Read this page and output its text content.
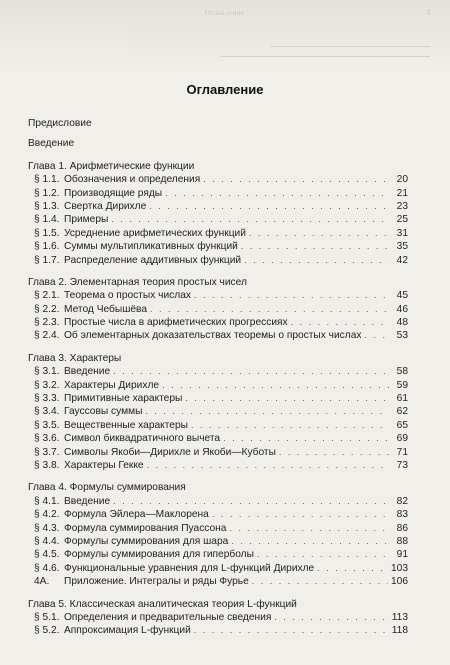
Оглавление	5
Оглавление
Предисловие
Введение
Глава 1. Арифметические функции
§ 1.1. Обозначения и определения . . .	20
§ 1.2. Производящие ряды . . .	21
§ 1.3. Свертка Дирихле . . .	23
§ 1.4. Примеры . . .	25
§ 1.5. Усреднение арифметических функций . . .	31
§ 1.6. Суммы мультипликативных функций . . .	35
§ 1.7. Распределение аддитивных функций . . .	42
Глава 2. Элементарная теория простых чисел
§ 2.1. Теорема о простых числах . . .	45
§ 2.2. Метод Чебышёва . . .	46
§ 2.3. Простые числа в арифметических прогрессиях . . .	48
§ 2.4. Об элементарных доказательствах теоремы о простых числах . . .	53
Глава 3. Характеры
§ 3.1. Введение . . .	58
§ 3.2. Характеры Дирихле . . .	59
§ 3.3. Примитивные характеры . . .	61
§ 3.4. Гауссовы суммы . . .	62
§ 3.5. Вещественные характеры . . .	65
§ 3.6. Символ биквадратичного вычета . . .	69
§ 3.7. Символы Якоби—Дирихле и Якоби—Куботы . . .	71
§ 3.8. Характеры Гекке . . .	73
Глава 4. Формулы суммирования
§ 4.1. Введение . . .	82
§ 4.2. Формула Эйлера—Маклорена . . .	83
§ 4.3. Формула суммирования Пуассона . . .	86
§ 4.4. Формулы суммирования для шара . . .	88
§ 4.5. Формулы суммирования для гиперболы . . .	91
§ 4.6. Функциональные уравнения для L-функций Дирихле . . .	103
4A. Приложение. Интегралы и ряды Фурье . . .	106
Глава 5. Классическая аналитическая теория L-функций
§ 5.1. Определения и предварительные сведения . . .	113
§ 5.2. Аппроксимация L-функций . . .	118
